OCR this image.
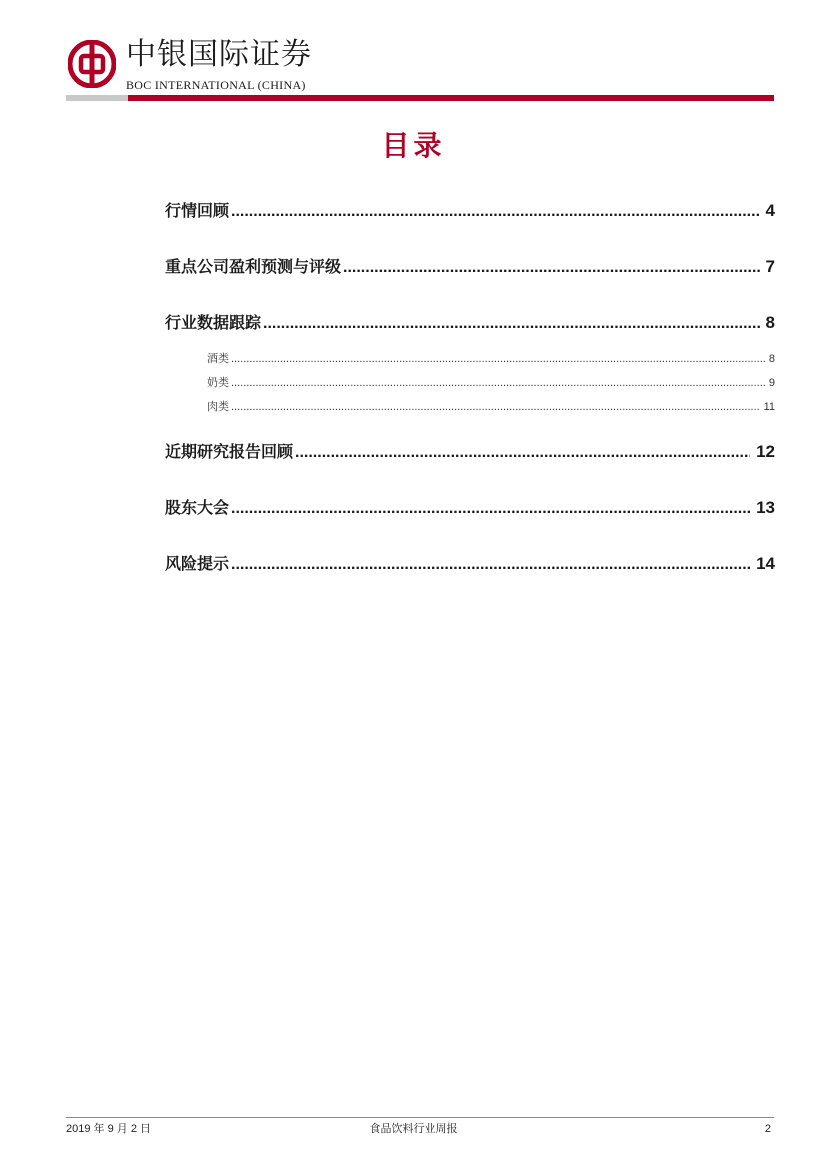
中银国际证券
BOC INTERNATIONAL (CHINA)
目录
行情回顾 .....	4
重点公司盈利预测与评级 .....	7
行业数据跟踪 .....	8
酒类 .....	8
奶类 .....	9
肉类 .....	11
近期研究报告回顾 .....	12
股东大会 .....	13
风险提示 .....	14
2019 年 9 月 2 日	食品饮料行业周报	2
